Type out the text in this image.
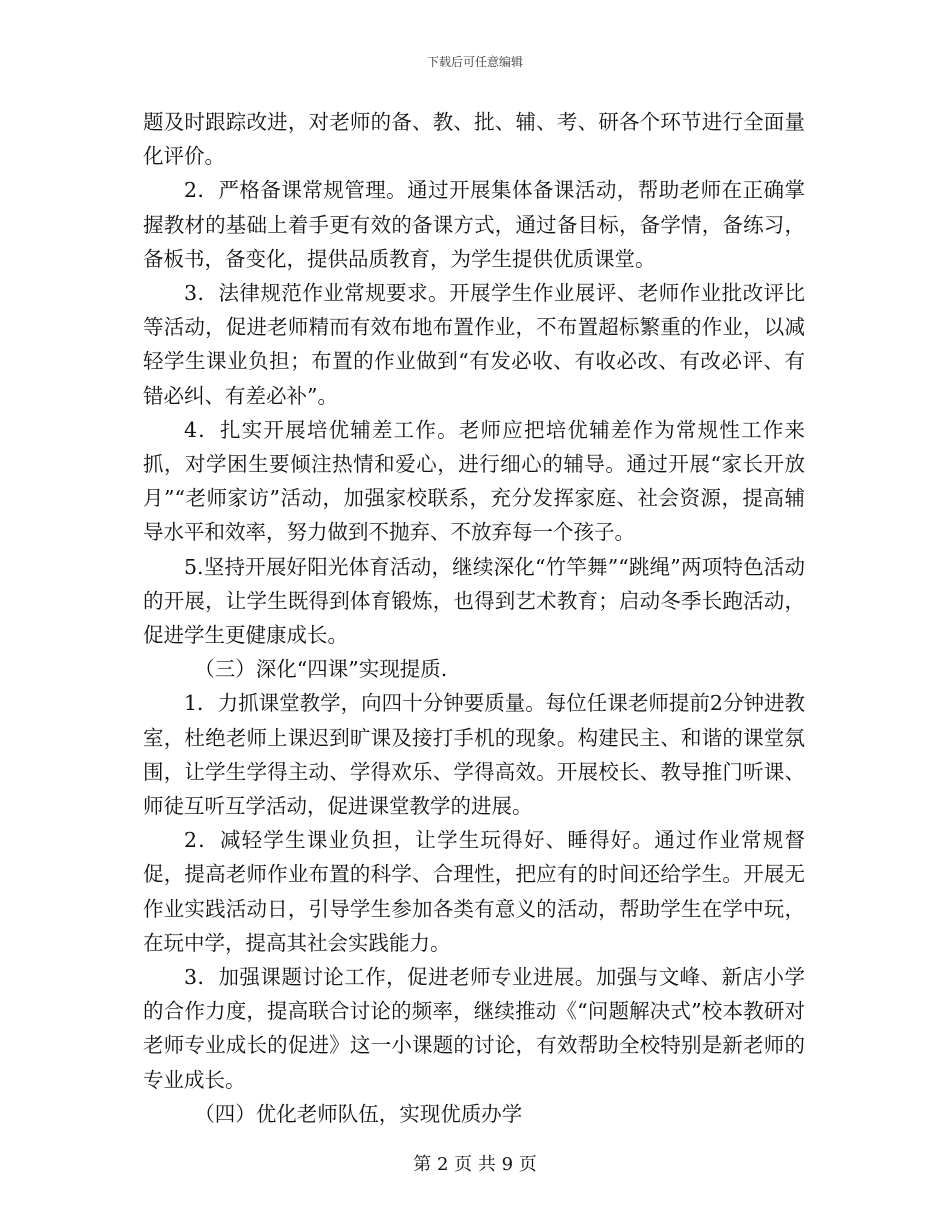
下载后可任意编辑

题及时跟踪改进，对老师的备、教、批、辅、考、研各个环节进行全面量化评价。

2．严格备课常规管理。通过开展集体备课活动，帮助老师在正确掌握教材的基础上着手更有效的备课方式，通过备目标，备学情，备练习，备板书，备变化，提供品质教育，为学生提供优质课堂。

3．法律规范作业常规要求。开展学生作业展评、老师作业批改评比等活动，促进老师精而有效布地布置作业，不布置超标繁重的作业，以减轻学生课业负担；布置的作业做到“有发必收、有收必改、有改必评、有错必纠、有差必补”。

4．扎实开展培优辅差工作。老师应把培优辅差作为常规性工作来抓，对学困生要倾注热情和爱心，进行细心的辅导。通过开展“家长开放月”“老师家访”活动，加强家校联系，充分发挥家庭、社会资源，提高辅导水平和效率，努力做到不抛弃、不放弃每一个孩子。

5.坚持开展好阳光体育活动，继续深化“竹竿舞”“跳绳”两项特色活动的开展，让学生既得到体育锻炼，也得到艺术教育；启动冬季长跑活动，促进学生更健康成长。

（三）深化“四课”实现提质.

1．力抓课堂教学，向四十分钟要质量。每位任课老师提前2分钟进教室，杜绝老师上课迟到旷课及接打手机的现象。构建民主、和谐的课堂氛围，让学生学得主动、学得欢乐、学得高效。开展校长、教导推门听课、师徒互听互学活动，促进课堂教学的进展。

2．减轻学生课业负担，让学生玩得好、睡得好。通过作业常规督促，提高老师作业布置的科学、合理性，把应有的时间还给学生。开展无作业实践活动日，引导学生参加各类有意义的活动，帮助学生在学中玩，在玩中学，提高其社会实践能力。

3．加强课题讨论工作，促进老师专业进展。加强与文峰、新店小学的合作力度，提高联合讨论的频率，继续推动《“问题解决式”校本教研对老师专业成长的促进》这一小课题的讨论，有效帮助全校特别是新老师的专业成长。

（四）优化老师队伍，实现优质办学

第 2 页 共 9 页
